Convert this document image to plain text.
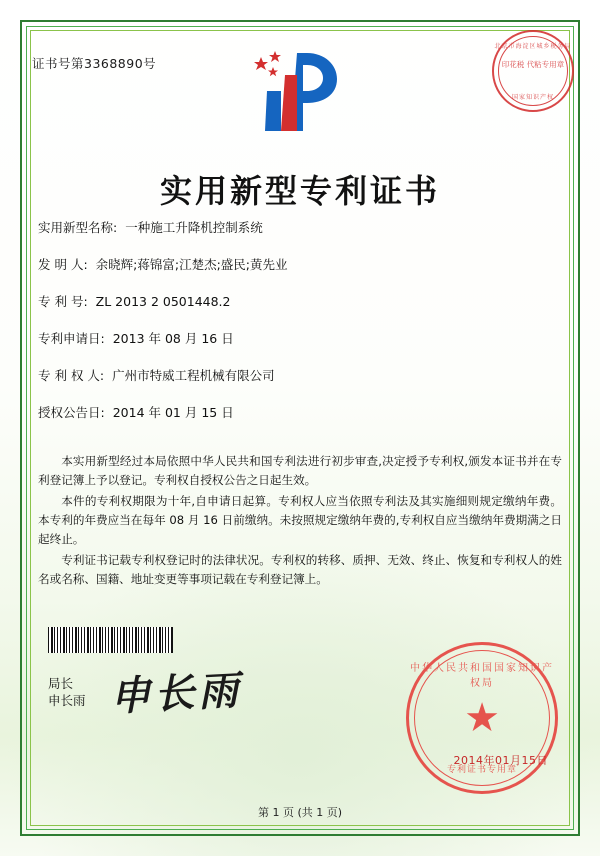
证书号第3368890号
北京市海淀区城乡税务局
印花税 代粘专用章
国家知识产权
实用新型专利证书
实用新型名称: 一种施工升降机控制系统
发 明 人: 余晓辉;蒋锦富;江楚杰;盛民;黄先业
专 利 号: ZL 2013 2 0501448.2
专利申请日: 2013 年 08 月 16 日
专 利 权 人: 广州市特威工程机械有限公司
授权公告日: 2014 年 01 月 15 日

本实用新型经过本局依照中华人民共和国专利法进行初步审查,决定授予专利权,颁发本证书并在专利登记簿上予以登记。专利权自授权公告之日起生效。

本件的专利权期限为十年,自申请日起算。专利权人应当依照专利法及其实施细则规定缴纳年费。本专利的年费应当在每年 08 月 16 日前缴纳。未按照规定缴纳年费的,专利权自应当缴纳年费期满之日起终止。

专利证书记载专利权登记时的法律状况。专利权的转移、质押、无效、终止、恢复和专利权人的姓名或名称、国籍、地址变更等事项记载在专利登记簿上。

局长
申长雨 申长雨	中华人民共和国国家知识产权局
★
专利证书专用章
2014年01月15日
第 1 页 (共 1 页)
